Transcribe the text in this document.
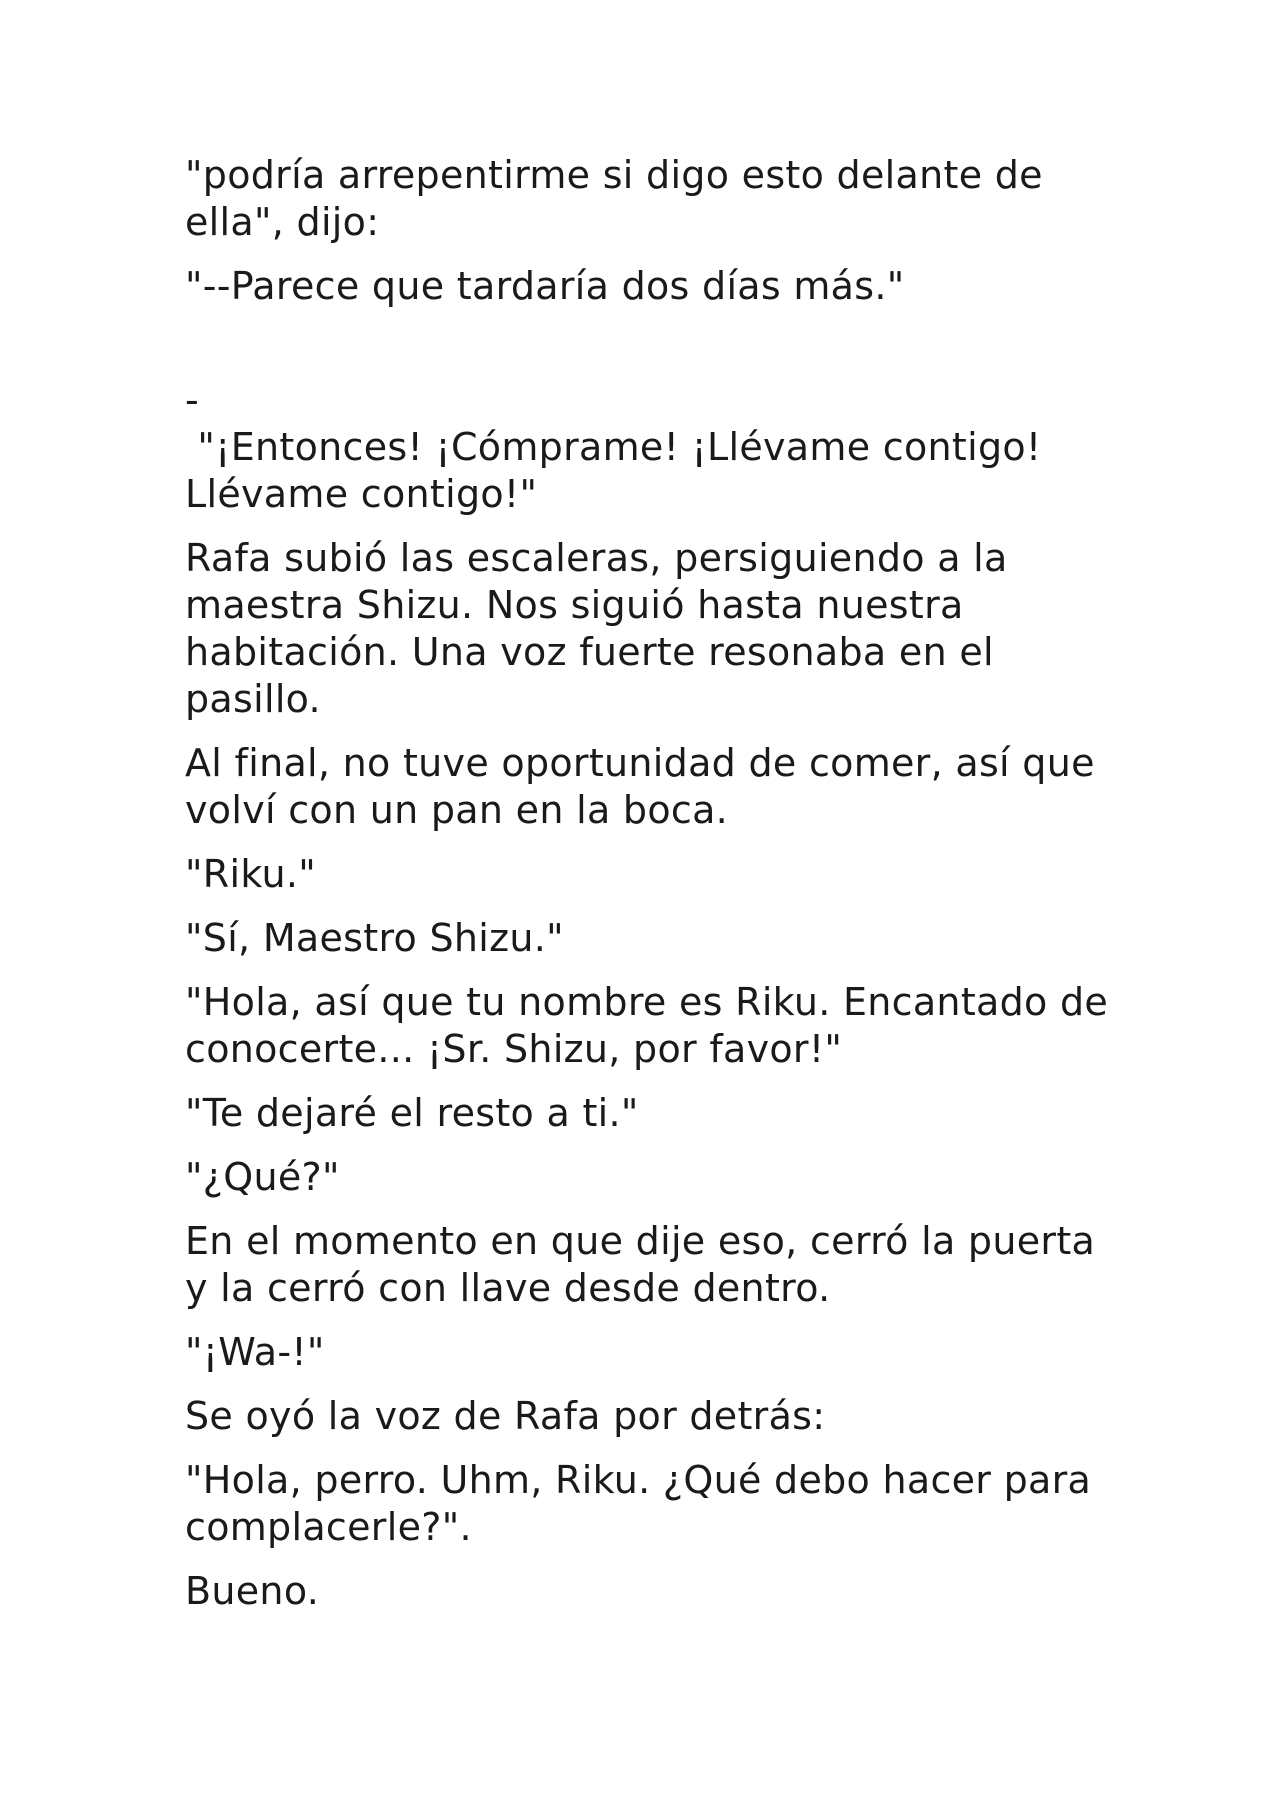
"podría arrepentirme si digo esto delante de ella", dijo:

"--Parece que tardaría dos días más."

-

"¡Entonces! ¡Cómprame! ¡Llévame contigo! Llévame contigo!"

Rafa subió las escaleras, persiguiendo a la maestra Shizu. Nos siguió hasta nuestra habitación. Una voz fuerte resonaba en el pasillo.

Al final, no tuve oportunidad de comer, así que volví con un pan en la boca.

"Riku."

"Sí, Maestro Shizu."

"Hola, así que tu nombre es Riku. Encantado de conocerte... ¡Sr. Shizu, por favor!"

"Te dejaré el resto a ti."

"¿Qué?"

En el momento en que dije eso, cerró la puerta y la cerró con llave desde dentro.

"¡Wa-!"

Se oyó la voz de Rafa por detrás:

"Hola, perro. Uhm, Riku. ¿Qué debo hacer para complacerle?".

Bueno.
